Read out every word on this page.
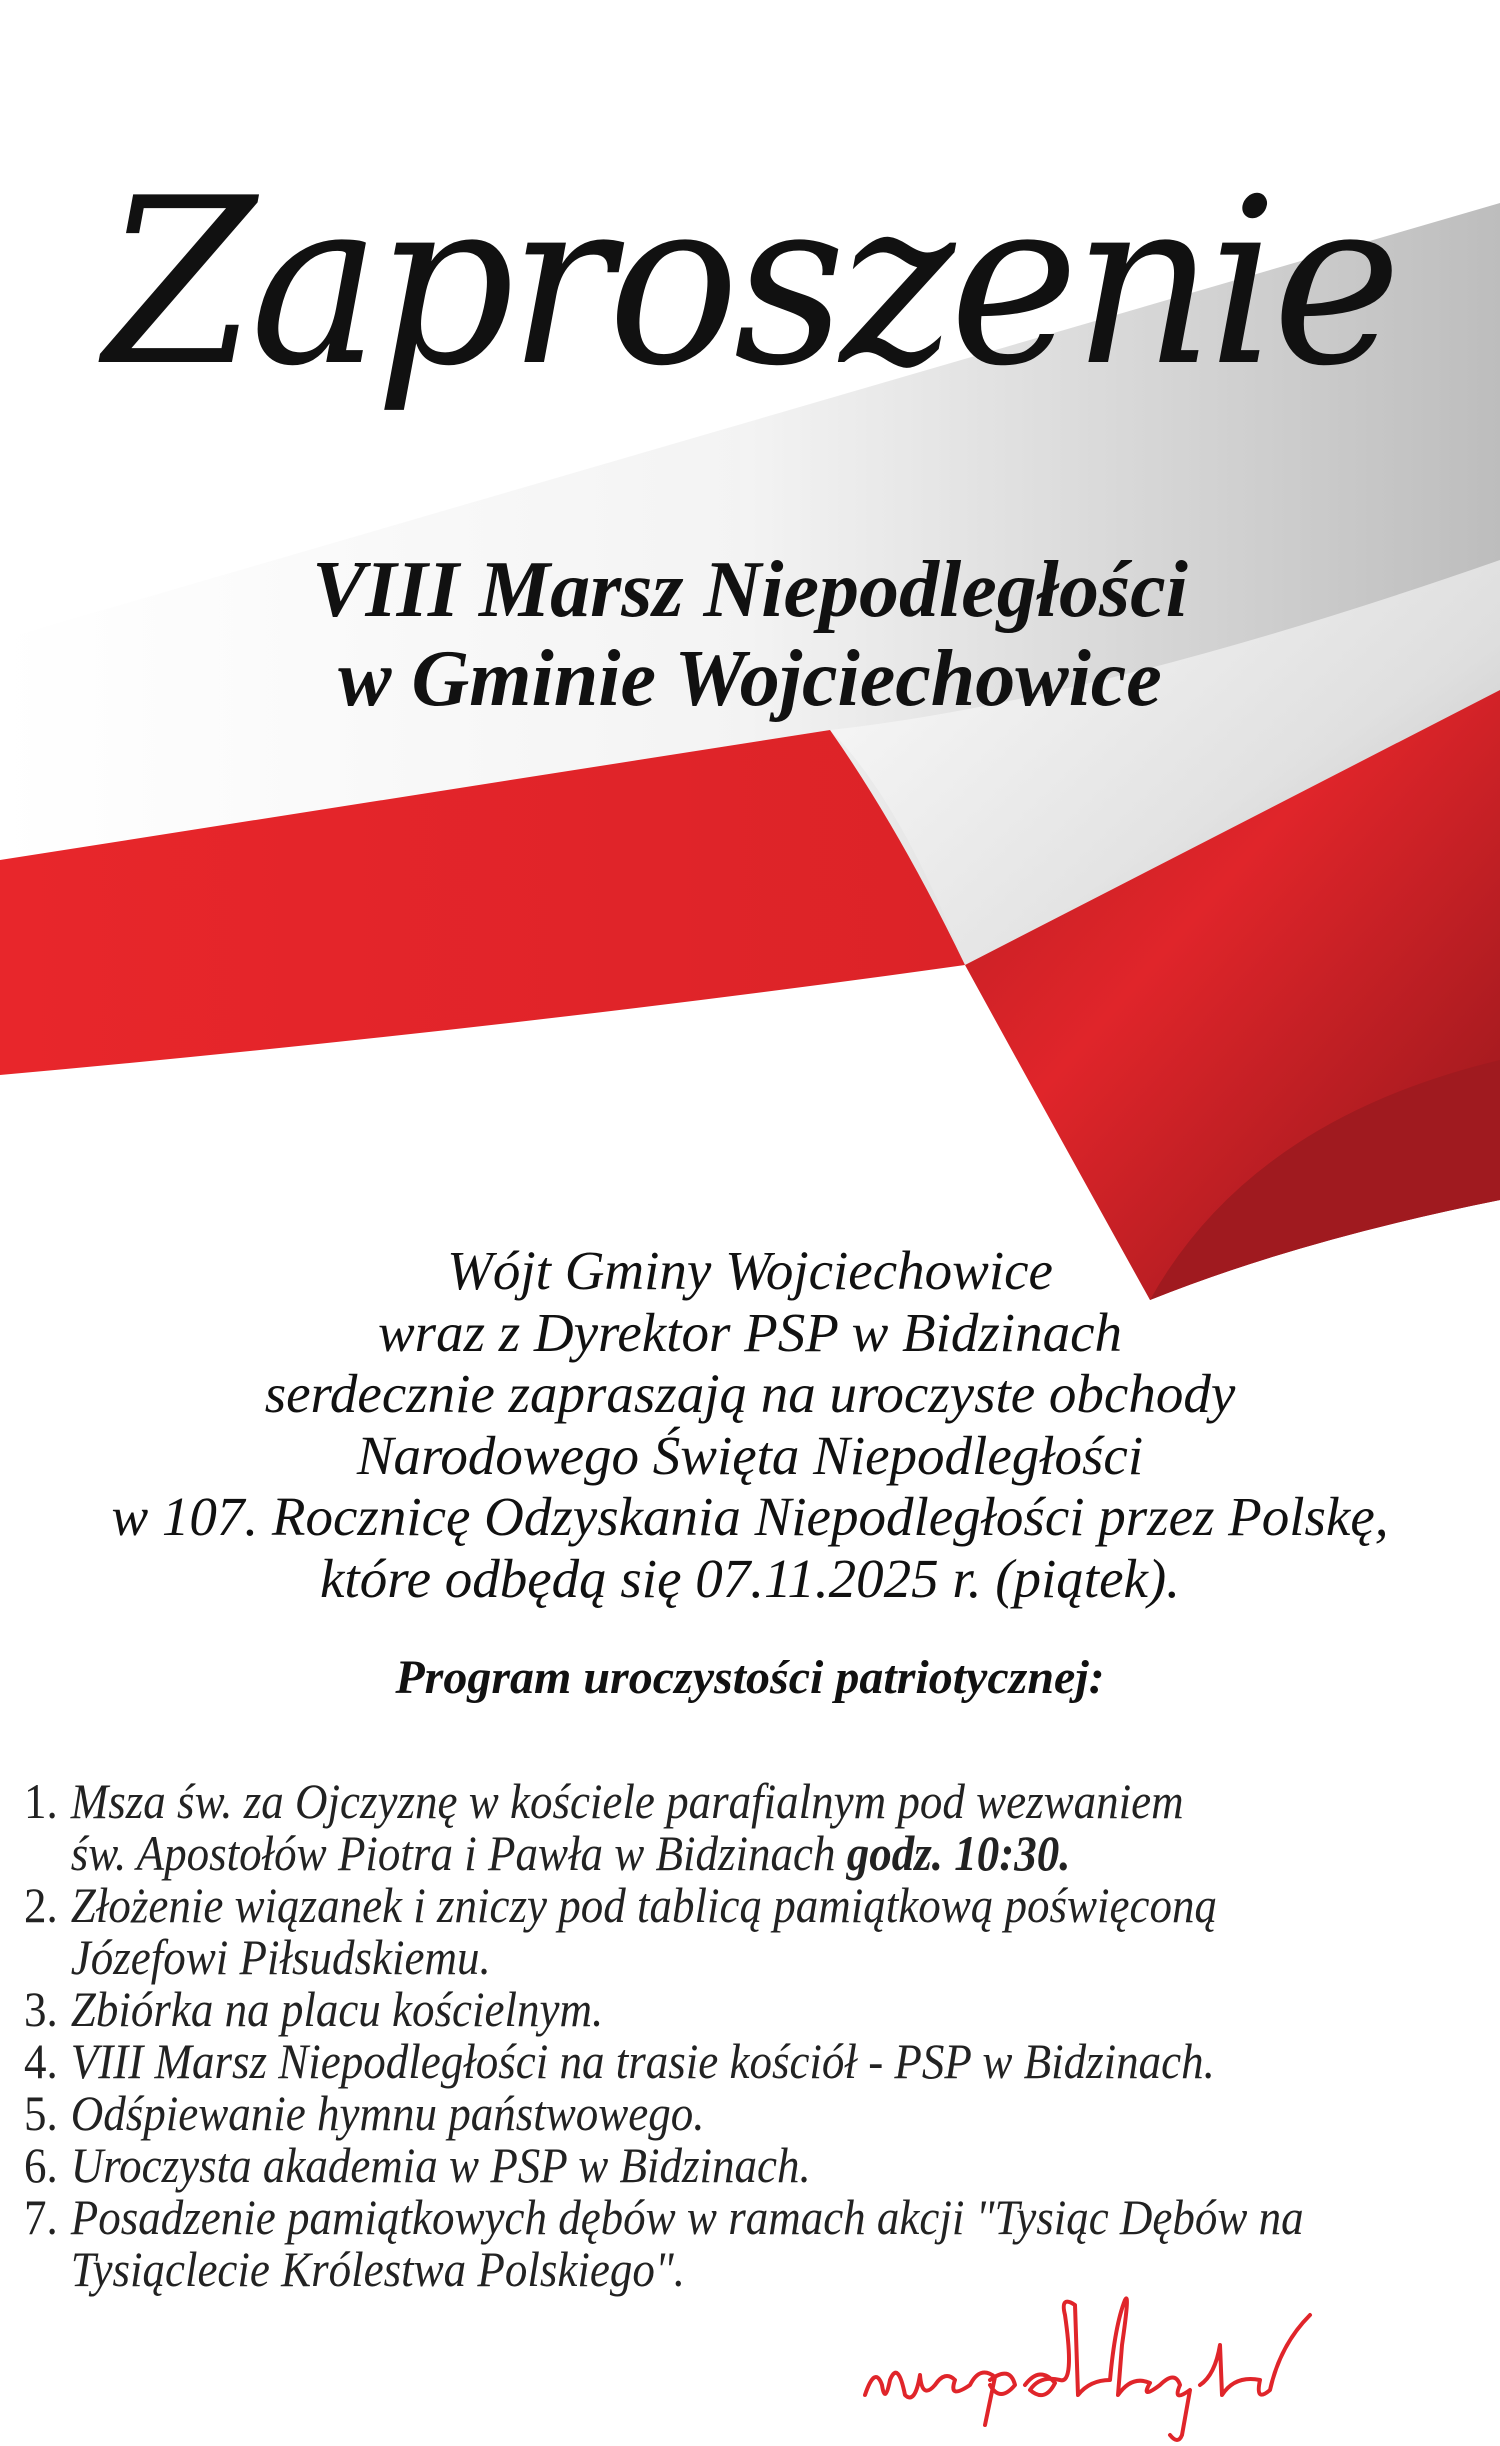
Zaproszenie
VIII Marsz Niepodległości
w Gminie Wojciechowice
Wójt Gminy Wojciechowice
wraz z Dyrektor PSP w Bidzinach
serdecznie zapraszają na uroczyste obchody
Narodowego Święta Niepodległości
w 107. Rocznicę Odzyskania Niepodległości przez Polskę,
które odbędą się 07.11.2025 r. (piątek).
Program uroczystości patriotycznej:
1. Msza św. za Ojczyznę w kościele parafialnym pod wezwaniem
św. Apostołów Piotra i Pawła w Bidzinach godz. 10:30.
2. Złożenie wiązanek i zniczy pod tablicą pamiątkową poświęconą
Józefowi Piłsudskiemu.
3. Zbiórka na placu kościelnym.
4. VIII Marsz Niepodległości na trasie kościół - PSP w Bidzinach.
5. Odśpiewanie hymnu państwowego.
6. Uroczysta akademia w PSP w Bidzinach.
7. Posadzenie pamiątkowych dębów w ramach akcji "Tysiąc Dębów na
Tysiąclecie Królestwa Polskiego".
